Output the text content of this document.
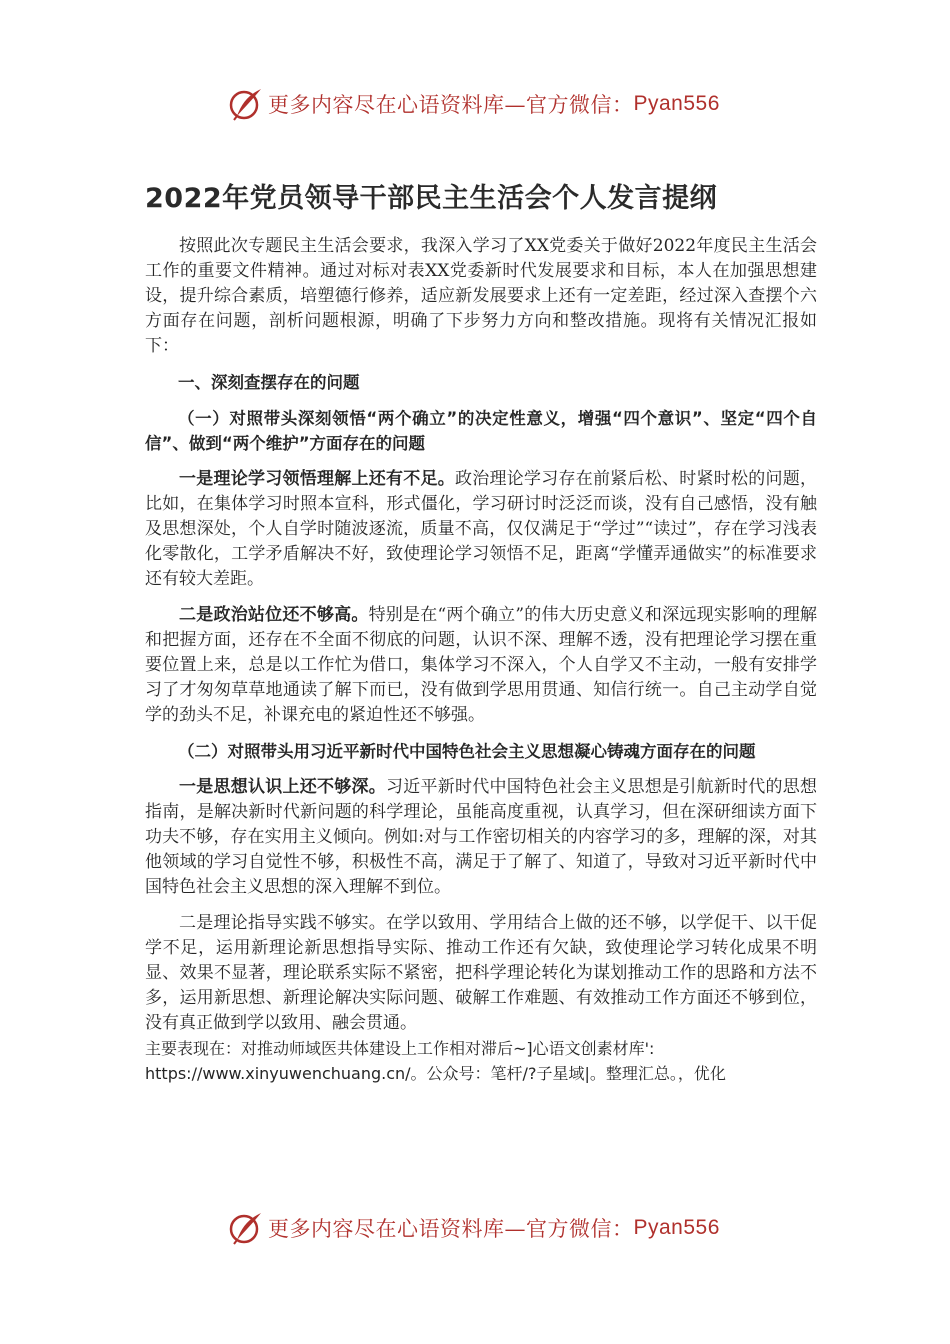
更多内容尽在心语资料库—官方微信： Pyan556
2022年党员领导干部民主生活会个人发言提纲

按照此次专题民主生活会要求，我深入学习了XX党委关于做好2022年度民主生活会工作的重要文件精神。通过对标对表XX党委新时代发展要求和目标，本人在加强思想建设，提升综合素质，培塑德行修养，适应新发展要求上还有一定差距，经过深入查摆个六方面存在问题，剖析问题根源，明确了下步努力方向和整改措施。现将有关情况汇报如下：

一、深刻查摆存在的问题

（一）对照带头深刻领悟“两个确立”的决定性意义，增强“四个意识”、坚定“四个自信”、做到“两个维护”方面存在的问题

一是理论学习领悟理解上还有不足。政治理论学习存在前紧后松、时紧时松的问题，比如，在集体学习时照本宣科，形式僵化，学习研讨时泛泛而谈，没有自己感悟，没有触及思想深处，个人自学时随波逐流，质量不高，仅仅满足于“学过”“读过”，存在学习浅表化零散化，工学矛盾解决不好，致使理论学习领悟不足，距离“学懂弄通做实”的标准要求还有较大差距。

二是政治站位还不够高。特别是在“两个确立”的伟大历史意义和深远现实影响的理解和把握方面，还存在不全面不彻底的问题，认识不深、理解不透，没有把理论学习摆在重要位置上来，总是以工作忙为借口，集体学习不深入，个人自学又不主动，一般有安排学习了才匆匆草草地通读了解下而已，没有做到学思用贯通、知信行统一。自己主动学自觉学的劲头不足，补课充电的紧迫性还不够强。

（二）对照带头用习近平新时代中国特色社会主义思想凝心铸魂方面存在的问题

一是思想认识上还不够深。习近平新时代中国特色社会主义思想是引航新时代的思想指南，是解决新时代新问题的科学理论，虽能高度重视，认真学习，但在深研细读方面下功夫不够，存在实用主义倾向。例如:对与工作密切相关的内容学习的多，理解的深，对其他领域的学习自觉性不够，积极性不高，满足于了解了、知道了，导致对习近平新时代中国特色社会主义思想的深入理解不到位。

二是理论指导实践不够实。在学以致用、学用结合上做的还不够，以学促干、以干促学不足，运用新理论新思想指导实际、推动工作还有欠缺，致使理论学习转化成果不明显、效果不显著，理论联系实际不紧密，把科学理论转化为谋划推动工作的思路和方法不多，运用新思想、新理论解决实际问题、破解工作难题、有效推动工作方面还不够到位，没有真正做到学以致用、融会贯通。

主要表现在：对推动师域医共体建设上工作相对滞后~]心语文创素材库':
https://www.xinyuwenchuang.cn/。公众号：笔杆/?子星域|。整理汇总。，优化

更多内容尽在心语资料库—官方微信： Pyan556
